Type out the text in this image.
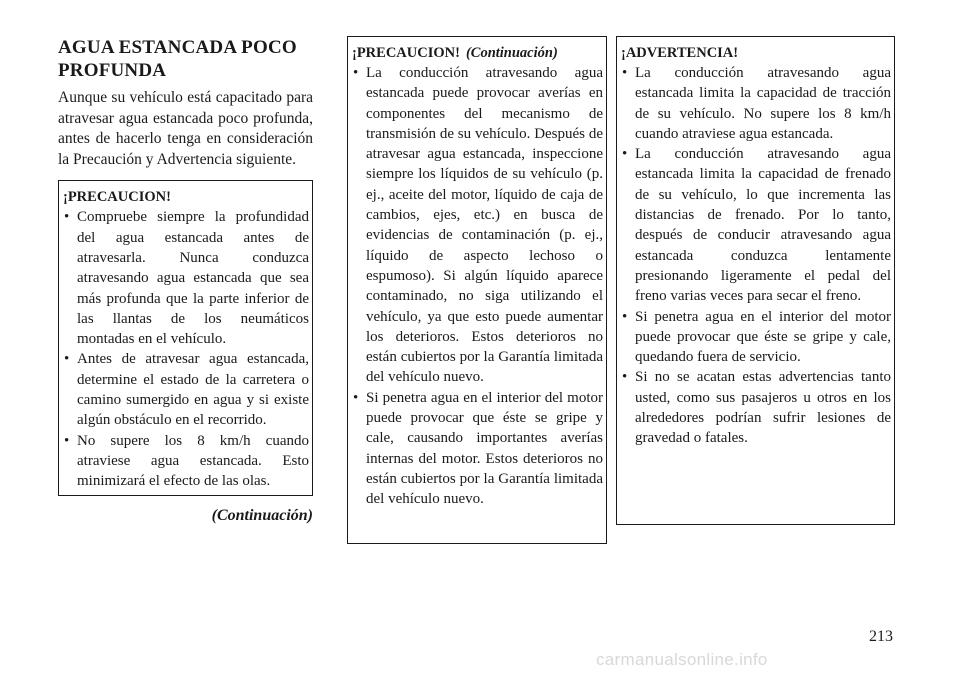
AGUA ESTANCADA POCO PROFUNDA

Aunque su vehículo está capacitado para atravesar agua estancada poco profunda, antes de hacerlo tenga en consideración la Precaución y Advertencia siguiente.

¡PRECAUCION!
• Compruebe siempre la profundidad del agua estancada antes de atravesarla. Nunca conduzca atravesando agua estancada que sea más profunda que la parte inferior de las llantas de los neumáticos montadas en el vehículo.
• Antes de atravesar agua estancada, determine el estado de la carretera o camino sumergido en agua y si existe algún obstáculo en el recorrido.
• No supere los 8 km/h cuando atraviese agua estancada. Esto minimizará el efecto de las olas.
(Continuación)
¡PRECAUCION! (Continuación)
• La conducción atravesando agua estancada puede provocar averías en componentes del mecanismo de transmisión de su vehículo. Después de atravesar agua estancada, inspeccione siempre los líquidos de su vehículo (p. ej., aceite del motor, líquido de caja de cambios, ejes, etc.) en busca de evidencias de contaminación (p. ej., líquido de aspecto lechoso o espumoso). Si algún líquido aparece contaminado, no siga utilizando el vehículo, ya que esto puede aumentar los deterioros. Estos deterioros no están cubiertos por la Garantía limitada del vehículo nuevo.
• Si penetra agua en el interior del motor puede provocar que éste se gripe y cale, causando importantes averías internas del motor. Estos deterioros no están cubiertos por la Garantía limitada del vehículo nuevo.
¡ADVERTENCIA!
• La conducción atravesando agua estancada limita la capacidad de tracción de su vehículo. No supere los 8 km/h cuando atraviese agua estancada.
• La conducción atravesando agua estancada limita la capacidad de frenado de su vehículo, lo que incrementa las distancias de frenado. Por lo tanto, después de conducir atravesando agua estancada conduzca lentamente presionando ligeramente el pedal del freno varias veces para secar el freno.
• Si penetra agua en el interior del motor puede provocar que éste se gripe y cale, quedando fuera de servicio.
• Si no se acatan estas advertencias tanto usted, como sus pasajeros u otros en los alrededores podrían sufrir lesiones de gravedad o fatales.
213
carmanualsonline.info
